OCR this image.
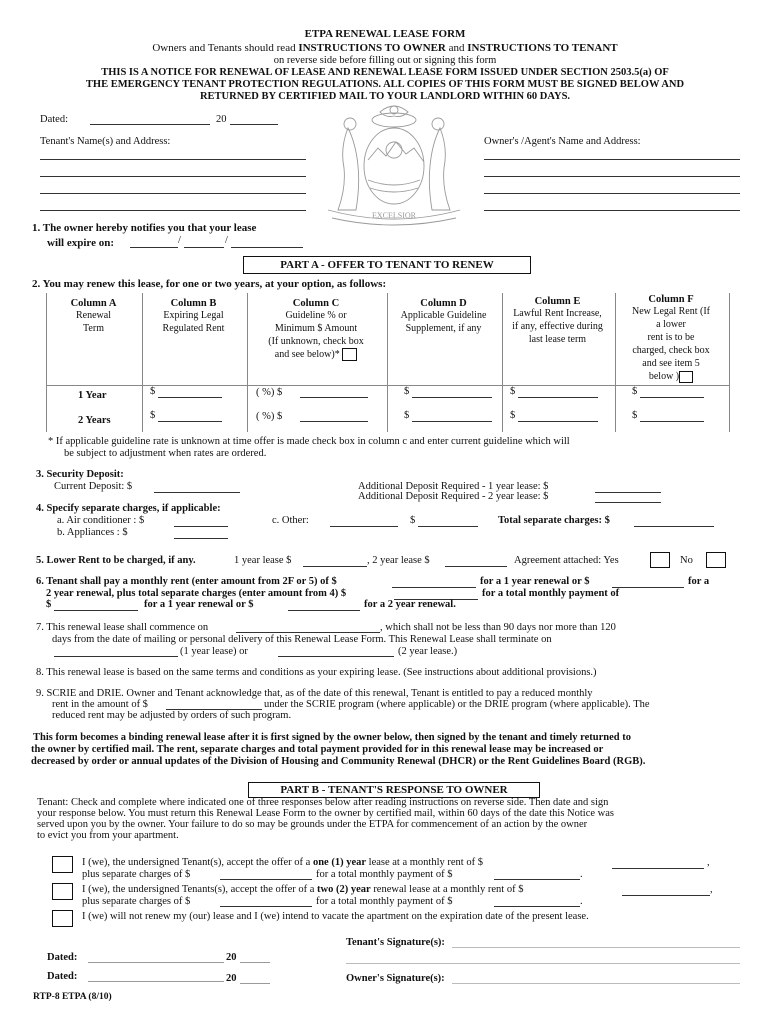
ETPA RENEWAL LEASE FORM
Owners and Tenants should read INSTRUCTIONS TO OWNER and INSTRUCTIONS TO TENANT
on reverse side before filling out or signing this form
THIS IS A NOTICE FOR RENEWAL OF LEASE AND RENEWAL LEASE FORM ISSUED UNDER SECTION 2503.5(a) OF
THE EMERGENCY TENANT PROTECTION REGULATIONS. ALL COPIES OF THIS FORM MUST BE SIGNED BELOW AND
RETURNED BY CERTIFIED MAIL TO YOUR LANDLORD WITHIN 60 DAYS.
EXCELSIOR
Dated:	20
Tenant's Name(s) and Address:	Owner's /Agent's Name and Address:
1. The owner hereby notifies you that your lease
will expire on:	/	/
PART A - OFFER TO TENANT TO RENEW
2. You may renew this lease, for one or two years, at your option, as follows:
Column A
Renewal
Term
Column B
Expiring Legal
Regulated Rent
Column C
Guideline % or
Minimum $ Amount
(If unknown, check box
and see below)*
Column D
Applicable Guideline
Supplement, if any
Column E
Lawful Rent Increase,
if any, effective during
last lease term
Column F
New Legal Rent (If
a lower
rent is to be
charged, check box
and see item 5
below )
1 Year	$	( %) $	$	$	$
2 Years	$	( %) $	$	$	$
* If applicable guideline rate is unknown at time offer is made check box in column c and enter current guideline which will
be subject to adjustment when rates are ordered.
3. Security Deposit:
Current Deposit: $	Additional Deposit Required - 1 year lease: $
Additional Deposit Required - 2 year lease: $
4. Specify separate charges, if applicable:
a. Air conditioner : $
b. Appliances : $
c. Other:	$	Total separate charges: $
5. Lower Rent to be charged, if any.	1 year lease $	, 2 year lease $	Agreement attached: Yes	No
6. Tenant shall pay a monthly rent (enter amount from 2F or 5) of $	for a 1 year renewal or $	for a
2 year renewal, plus total separate charges (enter amount from 4) $	for a total monthly payment of
$	for a 1 year renewal or $	for a 2 year renewal.
7. This renewal lease shall commence on	, which shall not be less than 90 days nor more than 120
days from the date of mailing or personal delivery of this Renewal Lease Form. This Renewal Lease shall terminate on
(1 year lease) or	(2 year lease.)
8. This renewal lease is based on the same terms and conditions as your expiring lease. (See instructions about additional provisions.)
9. SCRIE and DRIE. Owner and Tenant acknowledge that, as of the date of this renewal, Tenant is entitled to pay a reduced monthly
rent in the amount of $	under the SCRIE program (where applicable) or the DRIE program (where applicable). The
reduced rent may be adjusted by orders of such program.
This form becomes a binding renewal lease after it is first signed by the owner below, then signed by the tenant and timely returned to
the owner by certified mail. The rent, separate charges and total payment provided for in this renewal lease may be increased or
decreased by order or annual updates of the Division of Housing and Community Renewal (DHCR) or the Rent Guidelines Board (RGB).
PART B - TENANT'S RESPONSE TO OWNER
Tenant: Check and complete where indicated one of three responses below after reading instructions on reverse side. Then date and sign
your response below. You must return this Renewal Lease Form to the owner by certified mail, within 60 days of the date this Notice was
served upon you by the owner. Your failure to do so may be grounds under the ETPA for commencement of an action by the owner
to evict you from your apartment.
I (we), the undersigned Tenant(s), accept the offer of a one (1) year lease at a monthly rent of $	,
plus separate charges of $	for a total monthly payment of $	.
I (we), the undersigned Tenants(s), accept the offer of a two (2) year renewal lease at a monthly rent of $	,
plus separate charges of $	for a total monthly payment of $	.
I (we) will not renew my (our) lease and I (we) intend to vacate the apartment on the expiration date of the present lease.
Tenant's Signature(s):
Dated:	20
Dated:	20	Owner's Signature(s):
RTP-8 ETPA (8/10)
